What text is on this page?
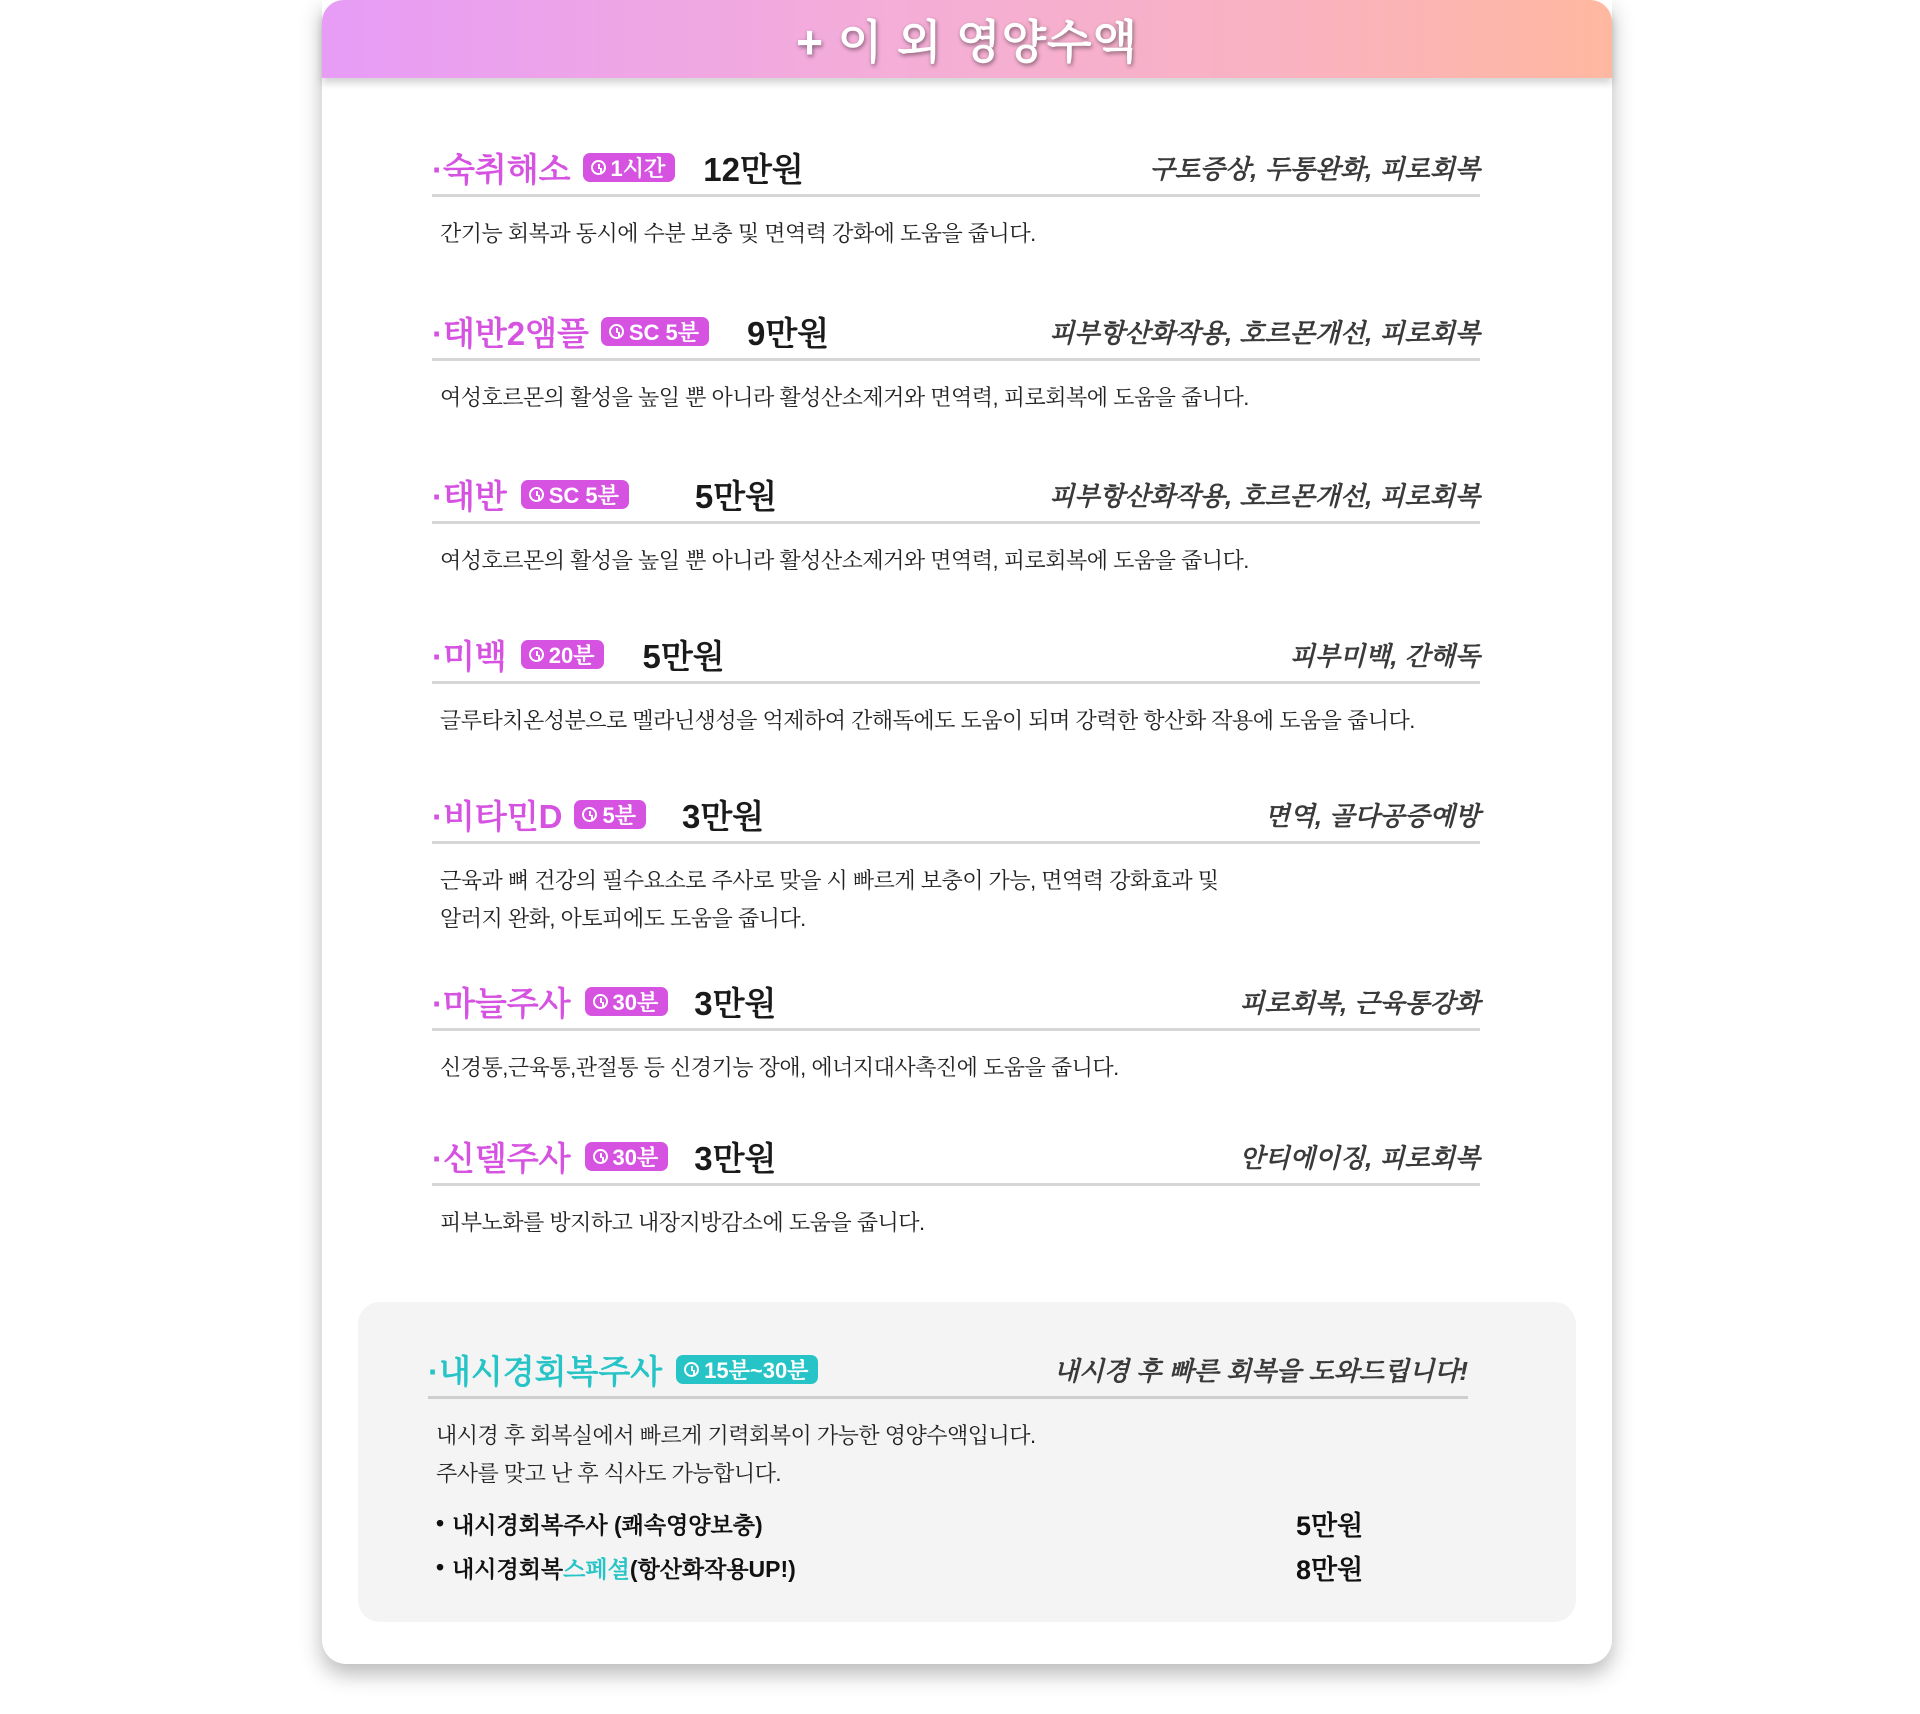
+ 이 외 영양수액
·숙취해소 1시간 12만원	구토증상, 두통완화, 피로회복
간기능 회복과 동시에 수분 보충 및 면역력 강화에 도움을 줍니다.
·태반2앰플 SC 5분 9만원	피부항산화작용, 호르몬개선, 피로회복
여성호르몬의 활성을 높일 뿐 아니라 활성산소제거와 면역력, 피로회복에 도움을 줍니다.
·태반 SC 5분 5만원	피부항산화작용, 호르몬개선, 피로회복
여성호르몬의 활성을 높일 뿐 아니라 활성산소제거와 면역력, 피로회복에 도움을 줍니다.
·미백 20분 5만원	피부미백, 간해독
글루타치온성분으로 멜라닌생성을 억제하여 간해독에도 도움이 되며 강력한 항산화 작용에 도움을 줍니다.
·비타민D 5분 3만원	면역, 골다공증예방
근육과 뼈 건강의 필수요소로 주사로 맞을 시 빠르게 보충이 가능, 면역력 강화효과 및
알러지 완화, 아토피에도 도움을 줍니다.
·마늘주사 30분 3만원	피로회복, 근육통강화
신경통,근육통,관절통 등 신경기능 장애, 에너지대사촉진에 도움을 줍니다.
·신델주사 30분 3만원	안티에이징, 피로회복
피부노화를 방지하고 내장지방감소에 도움을 줍니다.
·내시경회복주사 15분~30분	내시경 후 빠른 회복을 도와드립니다!
내시경 후 회복실에서 빠르게 기력회복이 가능한 영양수액입니다.
주사를 맞고 난 후 식사도 가능합니다.
• 내시경회복주사 (쾌속영양보충)	5만원
• 내시경회복 스페셜 (항산화작용UP!)	8만원
